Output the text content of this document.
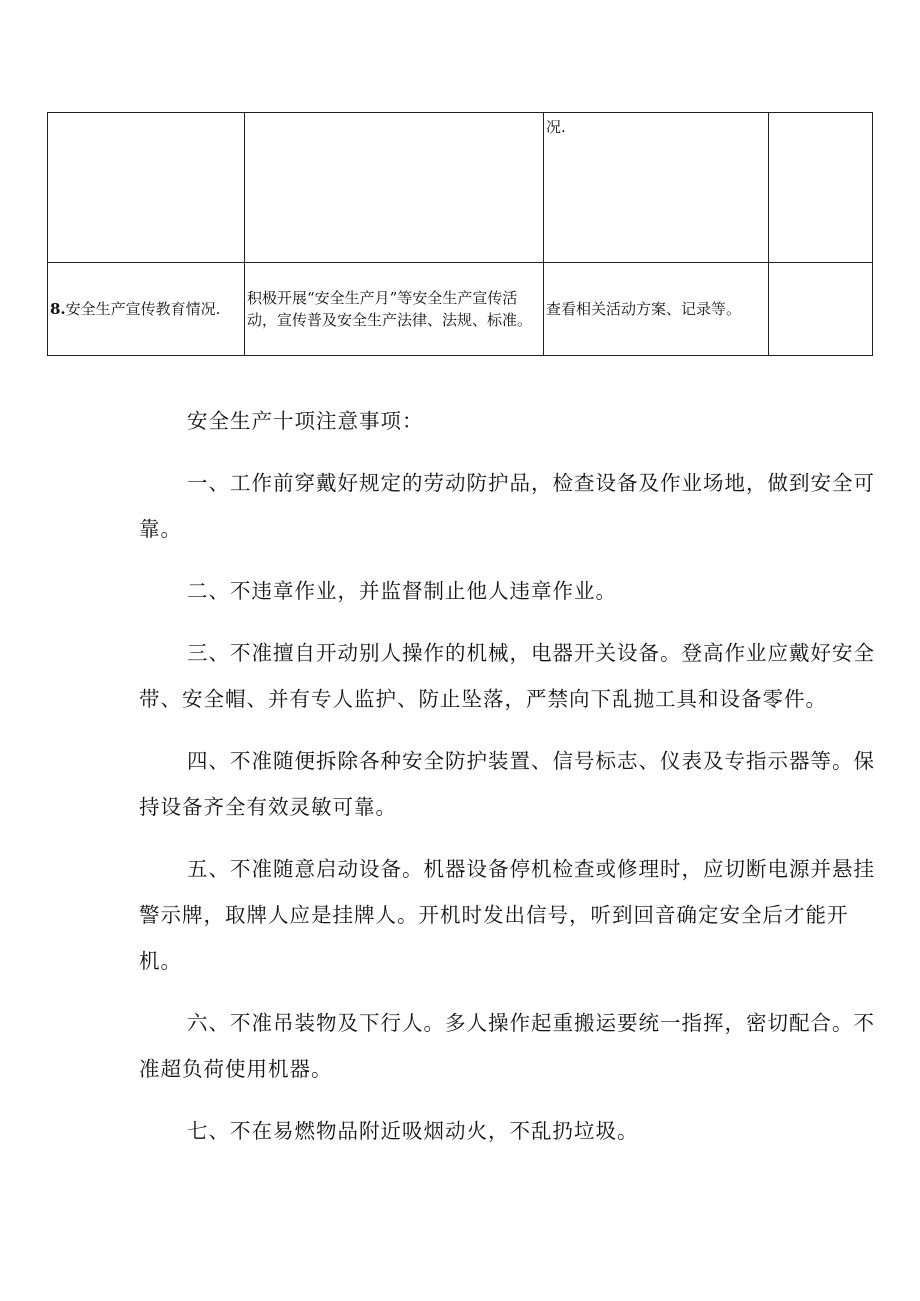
		况.	
8.安全生产宣传教育情况.	积极开展“安全生产月”等安全生产宣传活动，宣传普及安全生产法律、法规、标准。	查看相关活动方案、记录等。	

安全生产十项注意事项：

一、工作前穿戴好规定的劳动防护品，检查设备及作业场地，做到安全可靠。

二、不违章作业，并监督制止他人违章作业。

三、不准擅自开动别人操作的机械，电器开关设备。登高作业应戴好安全带、安全帽、并有专人监护、防止坠落，严禁向下乱抛工具和设备零件。

四、不准随便拆除各种安全防护装置、信号标志、仪表及专指示器等。保持设备齐全有效灵敏可靠。

五、不准随意启动设备。机器设备停机检查或修理时，应切断电源并悬挂警示牌，取牌人应是挂牌人。开机时发出信号，听到回音确定安全后才能开机。

六、不准吊装物及下行人。多人操作起重搬运要统一指挥，密切配合。不准超负荷使用机器。

七、不在易燃物品附近吸烟动火，不乱扔垃圾。
